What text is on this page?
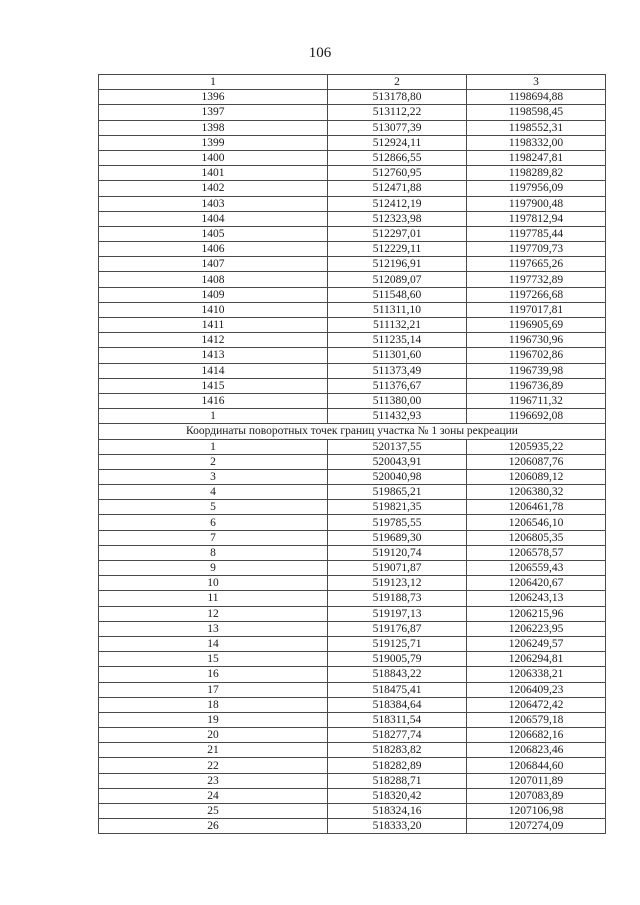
106
1	2	3
1396	513178,80	1198694,88
1397	513112,22	1198598,45
1398	513077,39	1198552,31
1399	512924,11	1198332,00
1400	512866,55	1198247,81
1401	512760,95	1198289,82
1402	512471,88	1197956,09
1403	512412,19	1197900,48
1404	512323,98	1197812,94
1405	512297,01	1197785,44
1406	512229,11	1197709,73
1407	512196,91	1197665,26
1408	512089,07	1197732,89
1409	511548,60	1197266,68
1410	511311,10	1197017,81
1411	511132,21	1196905,69
1412	511235,14	1196730,96
1413	511301,60	1196702,86
1414	511373,49	1196739,98
1415	511376,67	1196736,89
1416	511380,00	1196711,32
1	511432,93	1196692,08
Координаты поворотных точек границ участка № 1 зоны рекреации		
1	520137,55	1205935,22
2	520043,91	1206087,76
3	520040,98	1206089,12
4	519865,21	1206380,32
5	519821,35	1206461,78
6	519785,55	1206546,10
7	519689,30	1206805,35
8	519120,74	1206578,57
9	519071,87	1206559,43
10	519123,12	1206420,67
11	519188,73	1206243,13
12	519197,13	1206215,96
13	519176,87	1206223,95
14	519125,71	1206249,57
15	519005,79	1206294,81
16	518843,22	1206338,21
17	518475,41	1206409,23
18	518384,64	1206472,42
19	518311,54	1206579,18
20	518277,74	1206682,16
21	518283,82	1206823,46
22	518282,89	1206844,60
23	518288,71	1207011,89
24	518320,42	1207083,89
25	518324,16	1207106,98
26	518333,20	1207274,09
